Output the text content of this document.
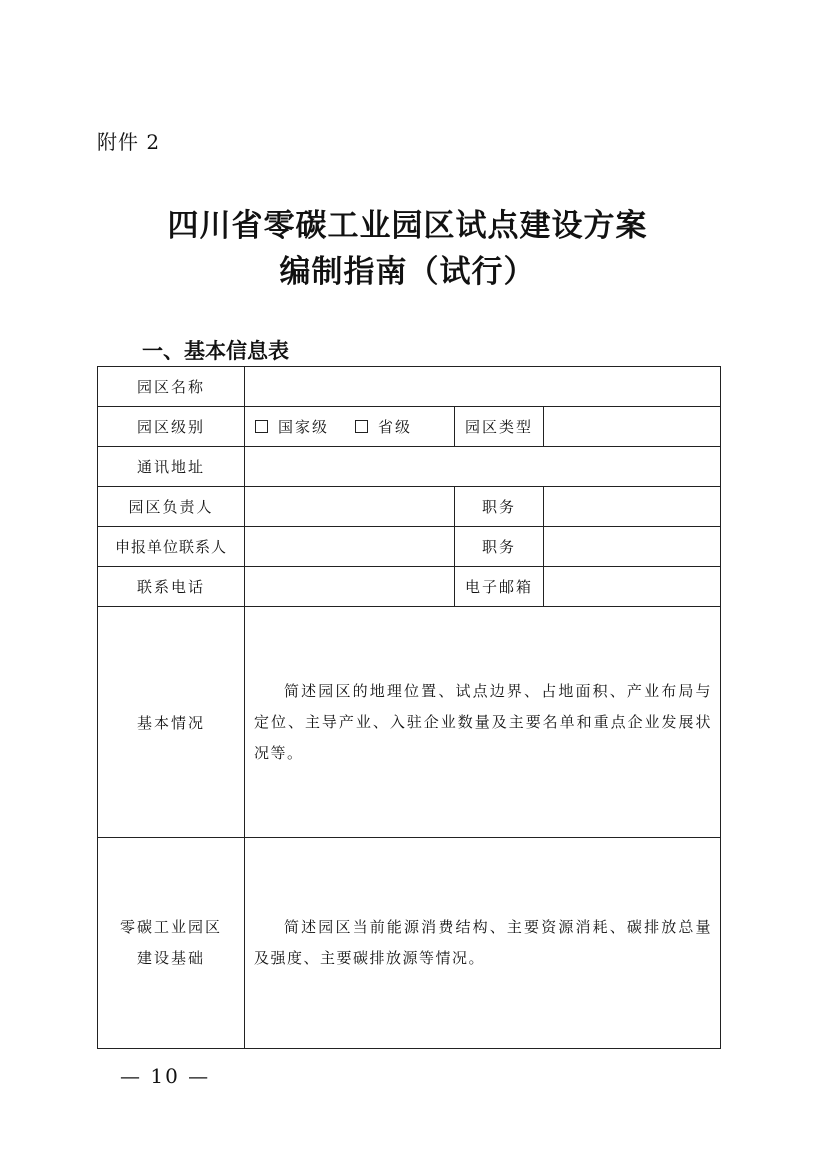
附件 2
四川省零碳工业园区试点建设方案
编制指南（试行）
一、基本信息表
园区名称			
园区级别	国家级 省级	园区类型	
通讯地址			
园区负责人		职务	
申报单位联系人		职务	
联系电话		电子邮箱	
基本情况	简述园区的地理位置、试点边界、占地面积、产业布局与定位、主导产业、入驻企业数量及主要名单和重点企业发展状况等。		

零碳工业园区
建设基础	简述园区当前能源消费结构、主要资源消耗、碳排放总量及强度、主要碳排放源等情况。		
— 10 —
